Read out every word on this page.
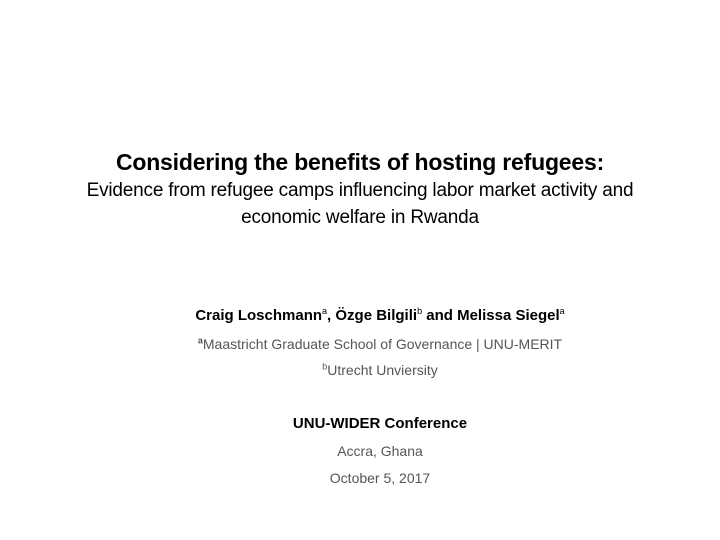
Considering the benefits of hosting refugees:
Evidence from refugee camps influencing labor market activity and
economic welfare in Rwanda
Craig Loschmann$^a$, Özge Bilgili$^b$ and Melissa Siegel$^a$
$^a$Maastricht Graduate School of Governance | UNU-MERIT
$^b$Utrecht Unviersity
UNU-WIDER Conference
Accra, Ghana
October 5, 2017
